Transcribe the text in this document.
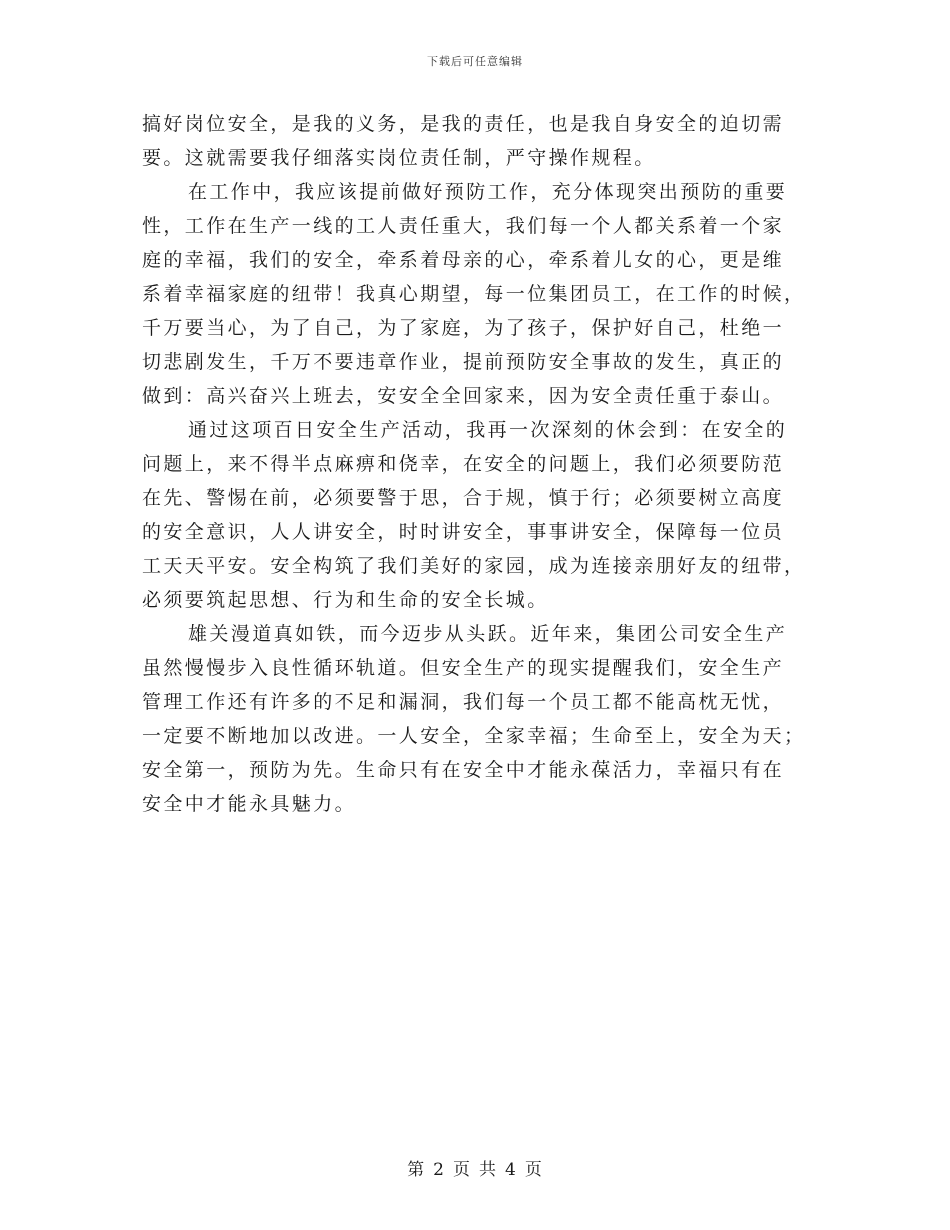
下载后可任意编辑
搞好岗位安全，是我的义务，是我的责任，也是我自身安全的迫切需
要。这就需要我仔细落实岗位责任制，严守操作规程。
在工作中，我应该提前做好预防工作，充分体现突出预防的重要
性，工作在生产一线的工人责任重大，我们每一个人都关系着一个家
庭的幸福，我们的安全，牵系着母亲的心，牵系着儿女的心，更是维
系着幸福家庭的纽带！我真心期望，每一位集团员工，在工作的时候，
千万要当心，为了自己，为了家庭，为了孩子，保护好自己，杜绝一
切悲剧发生，千万不要违章作业，提前预防安全事故的发生，真正的
做到：高兴奋兴上班去，安安全全回家来，因为安全责任重于泰山。
通过这项百日安全生产活动，我再一次深刻的休会到：在安全的
问题上，来不得半点麻痹和侥幸，在安全的问题上，我们必须要防范
在先、警惕在前，必须要警于思，合于规，慎于行；必须要树立高度
的安全意识，人人讲安全，时时讲安全，事事讲安全，保障每一位员
工天天平安。安全构筑了我们美好的家园，成为连接亲朋好友的纽带，
必须要筑起思想、行为和生命的安全长城。
雄关漫道真如铁，而今迈步从头跃。近年来，集团公司安全生产
虽然慢慢步入良性循环轨道。但安全生产的现实提醒我们，安全生产
管理工作还有许多的不足和漏洞，我们每一个员工都不能高枕无忧，
一定要不断地加以改进。一人安全，全家幸福；生命至上，安全为天；
安全第一，预防为先。生命只有在安全中才能永葆活力，幸福只有在
安全中才能永具魅力。
第 2 页 共 4 页
